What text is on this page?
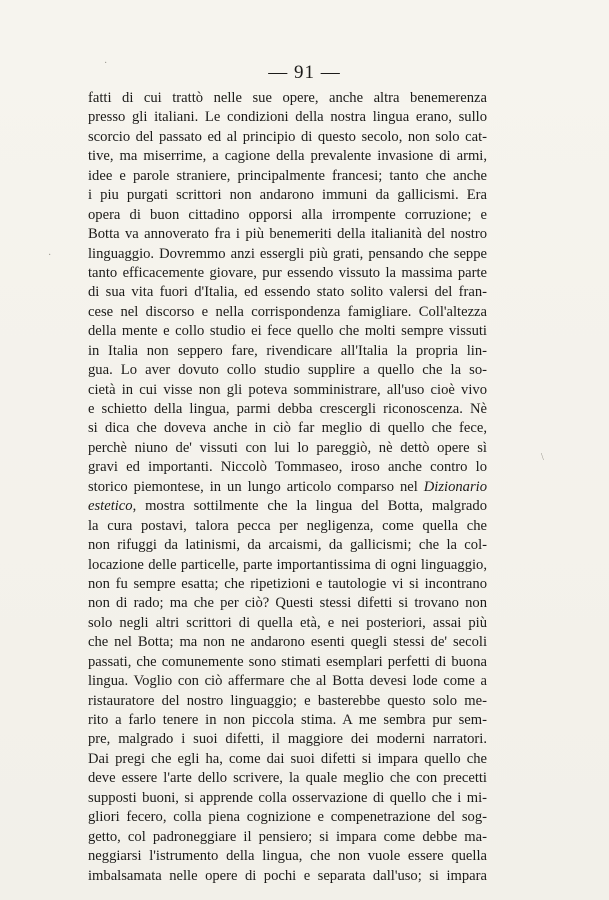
— 91 —
fatti di cui trattò nelle sue opere, anche altra benemerenza
presso gli italiani. Le condizioni della nostra lingua erano, sullo
scorcio del passato ed al principio di questo secolo, non solo cat-
tive, ma miserrime, a cagione della prevalente invasione di armi,
idee e parole straniere, principalmente francesi; tanto che anche
i piu purgati scrittori non andarono immuni da gallicismi. Era
opera di buon cittadino opporsi alla irrompente corruzione; e
Botta va annoverato fra i più benemeriti della italianità del nostro
linguaggio. Dovremmo anzi essergli più grati, pensando che seppe
tanto efficacemente giovare, pur essendo vissuto la massima parte
di sua vita fuori d'Italia, ed essendo stato solito valersi del fran-
cese nel discorso e nella corrispondenza famigliare. Coll'altezza
della mente e collo studio ei fece quello che molti sempre vissuti
in Italia non seppero fare, rivendicare all'Italia la propria lin-
gua. Lo aver dovuto collo studio supplire a quello che la so-
cietà in cui visse non gli poteva somministrare, all'uso cioè vivo
e schietto della lingua, parmi debba crescergli riconoscenza. Nè
si dica che doveva anche in ciò far meglio di quello che fece,
perchè niuno de' vissuti con lui lo pareggiò, nè dettò opere sì
gravi ed importanti. Niccolò Tommaseo, iroso anche contro lo
storico piemontese, in un lungo articolo comparso nel Dizionario
estetico, mostra sottilmente che la lingua del Botta, malgrado
la cura postavi, talora pecca per negligenza, come quella che
non rifuggi da latinismi, da arcaismi, da gallicismi; che la col-
locazione delle particelle, parte importantissima di ogni linguaggio,
non fu sempre esatta; che ripetizioni e tautologie vi si incontrano
non di rado; ma che per ciò? Questi stessi difetti si trovano non
solo negli altri scrittori di quella età, e nei posteriori, assai più
che nel Botta; ma non ne andarono esenti quegli stessi de' secoli
passati, che comunemente sono stimati esemplari perfetti di buona
lingua. Voglio con ciò affermare che al Botta devesi lode come a
ristauratore del nostro linguaggio; e basterebbe questo solo me-
rito a farlo tenere in non piccola stima. A me sembra pur sem-
pre, malgrado i suoi difetti, il maggiore dei moderni narratori.
Dai pregi che egli ha, come dai suoi difetti si impara quello che
deve essere l'arte dello scrivere, la quale meglio che con precetti
supposti buoni, si apprende colla osservazione di quello che i mi-
gliori fecero, colla piena cognizione e compenetrazione del sog-
getto, col padroneggiare il pensiero; si impara come debbe ma-
neggiarsi l'istrumento della lingua, che non vuole essere quella
imbalsamata nelle opere di pochi e separata dall'uso; si impara
·
·
\
